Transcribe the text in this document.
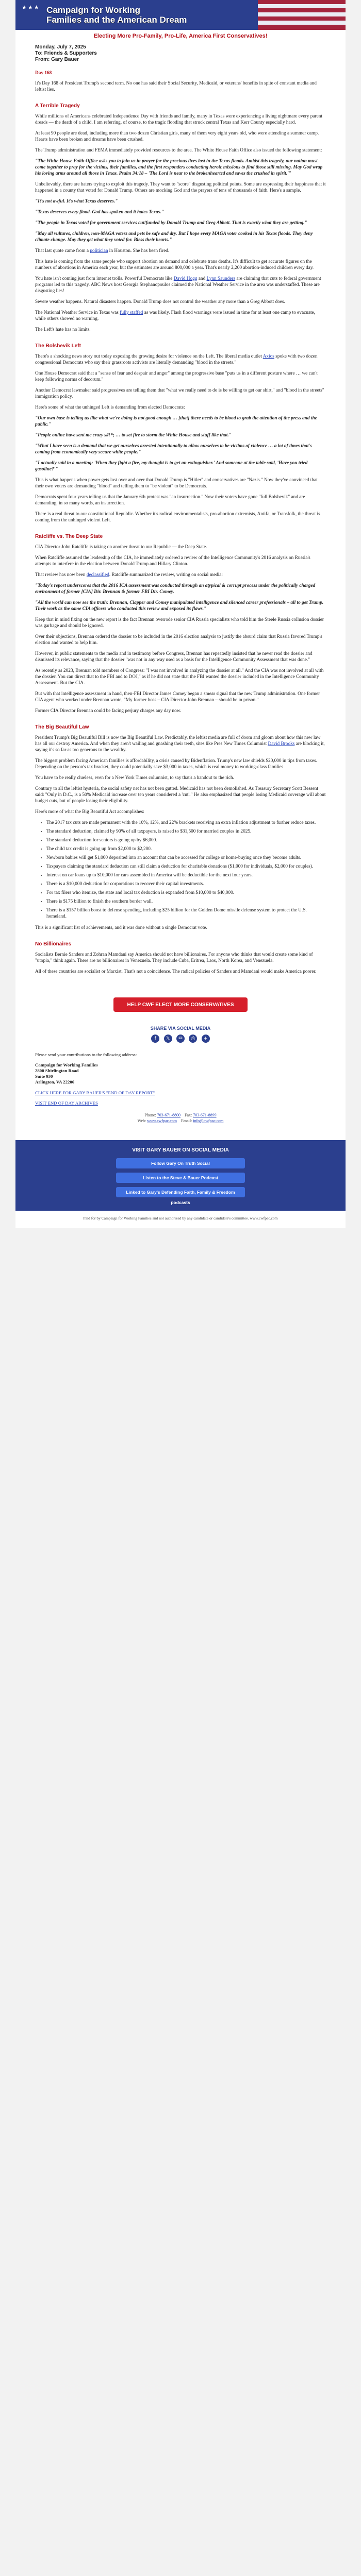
★★★ Campaign for Working
Families and the American Dream
Electing More Pro-Family, Pro-Life, America First Conservatives!
Monday, July 7, 2025
To: Friends & Supporters
From: Gary Bauer
Day 168

It's Day 168 of President Trump's second term. No one has said their Social Security, Medicaid, or veterans' benefits in spite of constant media and leftist lies.

A Terrible Tragedy

While millions of Americans celebrated Independence Day with friends and family, many in Texas were experiencing a living nightmare every parent dreads — the death of a child. I am referring, of course, to the tragic flooding that struck central Texas and Kerr County especially hard.

At least 90 people are dead, including more than two dozen Christian girls, many of them very eight years old, who were attending a summer camp. Hearts have been broken and dreams have been crushed.

The Trump administration and FEMA immediately provided resources to the area. The White House Faith Office also issued the following statement:

"The White House Faith Office asks you to join us in prayer for the precious lives lost in the Texas floods. Amidst this tragedy, our nation must come together to pray for the victims, their families, and the first responders conducting heroic missions to find those still missing. May God wrap his loving arms around all those in Texas. Psalm 34:18 – 'The Lord is near to the brokenhearted and saves the crushed in spirit.'"

Unbelievably, there are haters trying to exploit this tragedy. They want to "score" disgusting political points. Some are expressing their happiness that it happened in a county that voted for Donald Trump. Others are mocking God and the prayers of tens of thousands of faith. Here's a sample.

"It's not awful. It's what Texas deserves."

"Texas deserves every flood. God has spoken and it hates Texas."

"The people in Texas voted for government services cut/funded by Donald Trump and Greg Abbott. That is exactly what they are getting."

"May all vultures, children, non-MAGA voters and pets be safe and dry. But I hope every MAGA voter cooked in his Texas floods. They deny climate change. May they get what they voted for. Bless their hearts."

That last quote came from a politician in Houston. She has been fired.

This hate is coming from the same people who support abortion on demand and celebrate trans deaths. It's difficult to get accurate figures on the numbers of abortions in America each year, but the estimates are around 800,000 a year. That's nearly 2,200 abortion-induced children every day.

You hate isn't coming just from internet trolls. Powerful Democrats like David Hogg and Lynn Saunders are claiming that cuts to federal government programs led to this tragedy. ABC News host Georgia Stephanopoulos claimed the National Weather Service in the area was understaffed. These are disgusting lies!

Severe weather happens. Natural disasters happen. Donald Trump does not control the weather any more than a Greg Abbott does.

The National Weather Service in Texas was fully staffed as was likely. Flash flood warnings were issued in time for at least one camp to evacuate, while others showed no warning.

The Left's hate has no limits.

The Bolshevik Left

There's a shocking news story out today exposing the growing desire for violence on the Left. The liberal media outlet Axios spoke with two dozen congressional Democrats who say their grassroots activists are literally demanding "blood in the streets."

One House Democrat said that a "sense of fear and despair and anger" among the progressive base "puts us in a different posture where … we can't keep following norms of decorum."

Another Democrat lawmaker said progressives are telling them that "what we really need to do is be willing to get our shirt," and "blood in the streets" immigration policy.

Here's some of what the unhinged Left is demanding from elected Democrats:

"Our own base is telling us like what we're doing is not good enough … [that] there needs to be blood to grab the attention of the press and the public."

"People online have sent me crazy s#!*; … to set fire to storm the White House and stuff like that."

"What I have seen is a demand that we get ourselves arrested intentionally to allow ourselves to be victims of violence … a lot of times that's coming from economically very secure white people."

"I actually said in a meeting: 'When they fight a fire, my thought is to get an extinguisher.' And someone at the table said, 'Have you tried gasoline?'"

This is what happens when power gets lost over and over that Donald Trump is "Hitler" and conservatives are "Nazis." Now they've convinced that their own voters are demanding "blood" and telling them to "be violent" to be Democrats.

Democrats spent four years telling us that the January 6th protest was "an insurrection." Now their voters have gone "full Bolshevik" and are demanding, in so many words, an insurrection.

There is a real threat to our constitutional Republic. Whether it's radical environmentalists, pro-abortion extremists, Antifa, or Transfolk, the threat is coming from the unhinged violent Left.

Ratcliffe vs. The Deep State

CIA Director John Ratcliffe is taking on another threat to our Republic — the Deep State.

When Ratcliffe assumed the leadership of the CIA, he immediately ordered a review of the Intelligence Community's 2016 analysis on Russia's attempts to interfere in the election between Donald Trump and Hillary Clinton.

That review has now been declassified. Ratcliffe summarized the review, writing on social media:

"Today's report underscores that the 2016 ICA assessment was conducted through an atypical & corrupt process under the politically charged environment of former [CIA] Dir. Brennan & former FBI Dir. Comey.

"All the world can now see the truth: Brennan, Clapper and Comey manipulated intelligence and silenced career professionals – all to get Trump. Their work as the same CIA officers who conducted this review and exposed its flaws."

Keep that in mind fixing on the new report is the fact Brennan overrode senior CIA Russia specialists who told him the Steele Russia collusion dossier was garbage and should be ignored.

Over their objections, Brennan ordered the dossier to be included in the 2016 election analysis to justify the absurd claim that Russia favored Trump's election and wanted to help him.

However, in public statements to the media and in testimony before Congress, Brennan has repeatedly insisted that he never read the dossier and dismissed its relevance, saying that the dossier "was not in any way used as a basis for the Intelligence Community Assessment that was done."

As recently as 2023, Brennan told members of Congress: "I was not involved in analyzing the dossier at all." And the CIA was not involved at all with the dossier. You can direct that to the FBI and to DOJ," as if he did not state that the FBI wanted the dossier included in the Intelligence Community Assessment. But the CIA.

But with that intelligence assessment in hand, then-FBI Director James Comey began a smear signal that the new Trump administration. One former CIA agent who worked under Brennan wrote, "My former boss – CIA Director John Brennan – should be in prison."

Former CIA Director Brennan could be facing perjury charges any day now.

The Big Beautiful Law

President Trump's Big Beautiful Bill is now the Big Beautiful Law. Predictably, the leftist media are full of doom and gloom about how this new law has all our destroy America. And when they aren't wailing and gnashing their teeth, sites like Pres New Times Columnist David Brooks are blocking it, saying it's so far as too generous to the wealthy.

The biggest problem facing American families is affordability, a crisis caused by Bidenflation. Trump's new law shields $20,000 in tips from taxes. Depending on the person's tax bracket, they could potentially save $3,000 in taxes, which is real money to working-class families.

You have to be really clueless, even for a New York Times columnist, to say that's a handout to the rich.

Contrary to all the leftist hysteria, the social safety net has not been gutted. Medicaid has not been demolished. As Treasury Secretary Scott Bessent said: "Only in D.C., is a 50% Medicaid increase over ten years considered a 'cut'." He also emphasized that people losing Medicaid coverage will about budget cuts, but of people losing their eligibility.

Here's more of what the Big Beautiful Act accomplishes:

• The 2017 tax cuts are made permanent with the 10%, 12%, and 22% brackets receiving an extra inflation adjustment to further reduce taxes.
• The standard deduction, claimed by 90% of all taxpayers, is raised to $31,500 for married couples in 2025.
• The standard deduction for seniors is going up by $6,000.
• The child tax credit is going up from $2,000 to $2,200.
• Newborn babies will get $1,000 deposited into an account that can be accessed for college or home-buying once they become adults.
• Taxpayers claiming the standard deduction can still claim a deduction for charitable donations ($1,000 for individuals, $2,000 for couples).
• Interest on car loans up to $10,000 for cars assembled in America will be deductible for the next four years.
• There is a $10,000 deduction for corporations to recover their capital investments.
• For tax filers who itemize, the state and local tax deduction is expanded from $10,000 to $40,000.
• There is $175 billion to finish the southern border wall.
• There is a $157 billion boost to defense spending, including $25 billion for the Golden Dome missile defense system to protect the U.S. homeland.

This is a significant list of achievements, and it was done without a single Democrat vote.

No Billionaires

Socialists Bernie Sanders and Zohran Mamdani say America should not have billionaires. For anyone who thinks that would create some kind of "utopia," think again. There are no billionaires in Venezuela. They include Cuba, Eritrea, Laos, North Korea, and Venezuela.

All of these countries are socialist or Marxist. That's not a coincidence. The radical policies of Sanders and Mamdani would make America poorer.

HELP CWF ELECT MORE CONSERVATIVES
SHARE VIA SOCIAL MEDIA
f 𝕏 ✉ ⎙ +

Please send your contributions to the following address:

Campaign for Working Families
2800 Shirlington Road
Suite 930
Arlington, VA 22206

CLICK HERE FOR GARY BAUER'S "END OF DAY REPORT"

VISIT END OF DAY ARCHIVES

Phone: 703-671-8800 Fax: 703-671-8899
Web: www.cwfpac.com Email: info@cwfpac.com
VISIT GARY BAUER ON SOCIAL MEDIA
Follow Gary On Truth Social
Listen to the Steve & Bauer Podcast
Linked to Gary's Defending Faith, Family & Freedom podcasts
Paid for by Campaign for Working Families and not authorized by any candidate or candidate's committee. www.cwfpac.com
